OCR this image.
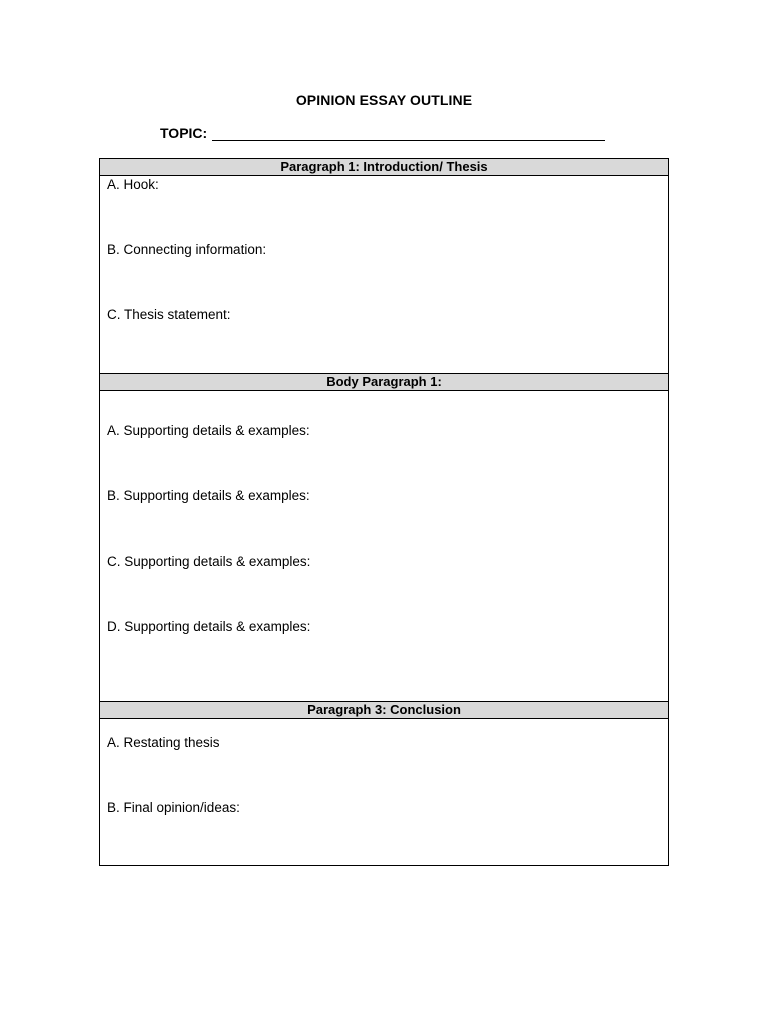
OPINION ESSAY OUTLINE
TOPIC:
Paragraph 1: Introduction/ Thesis
A. Hook:
B. Connecting information:
C. Thesis statement:
Body Paragraph 1:
A. Supporting details & examples:
B. Supporting details & examples:
C. Supporting details & examples:
D. Supporting details & examples:
Paragraph 3: Conclusion
A. Restating thesis
B. Final opinion/ideas:
